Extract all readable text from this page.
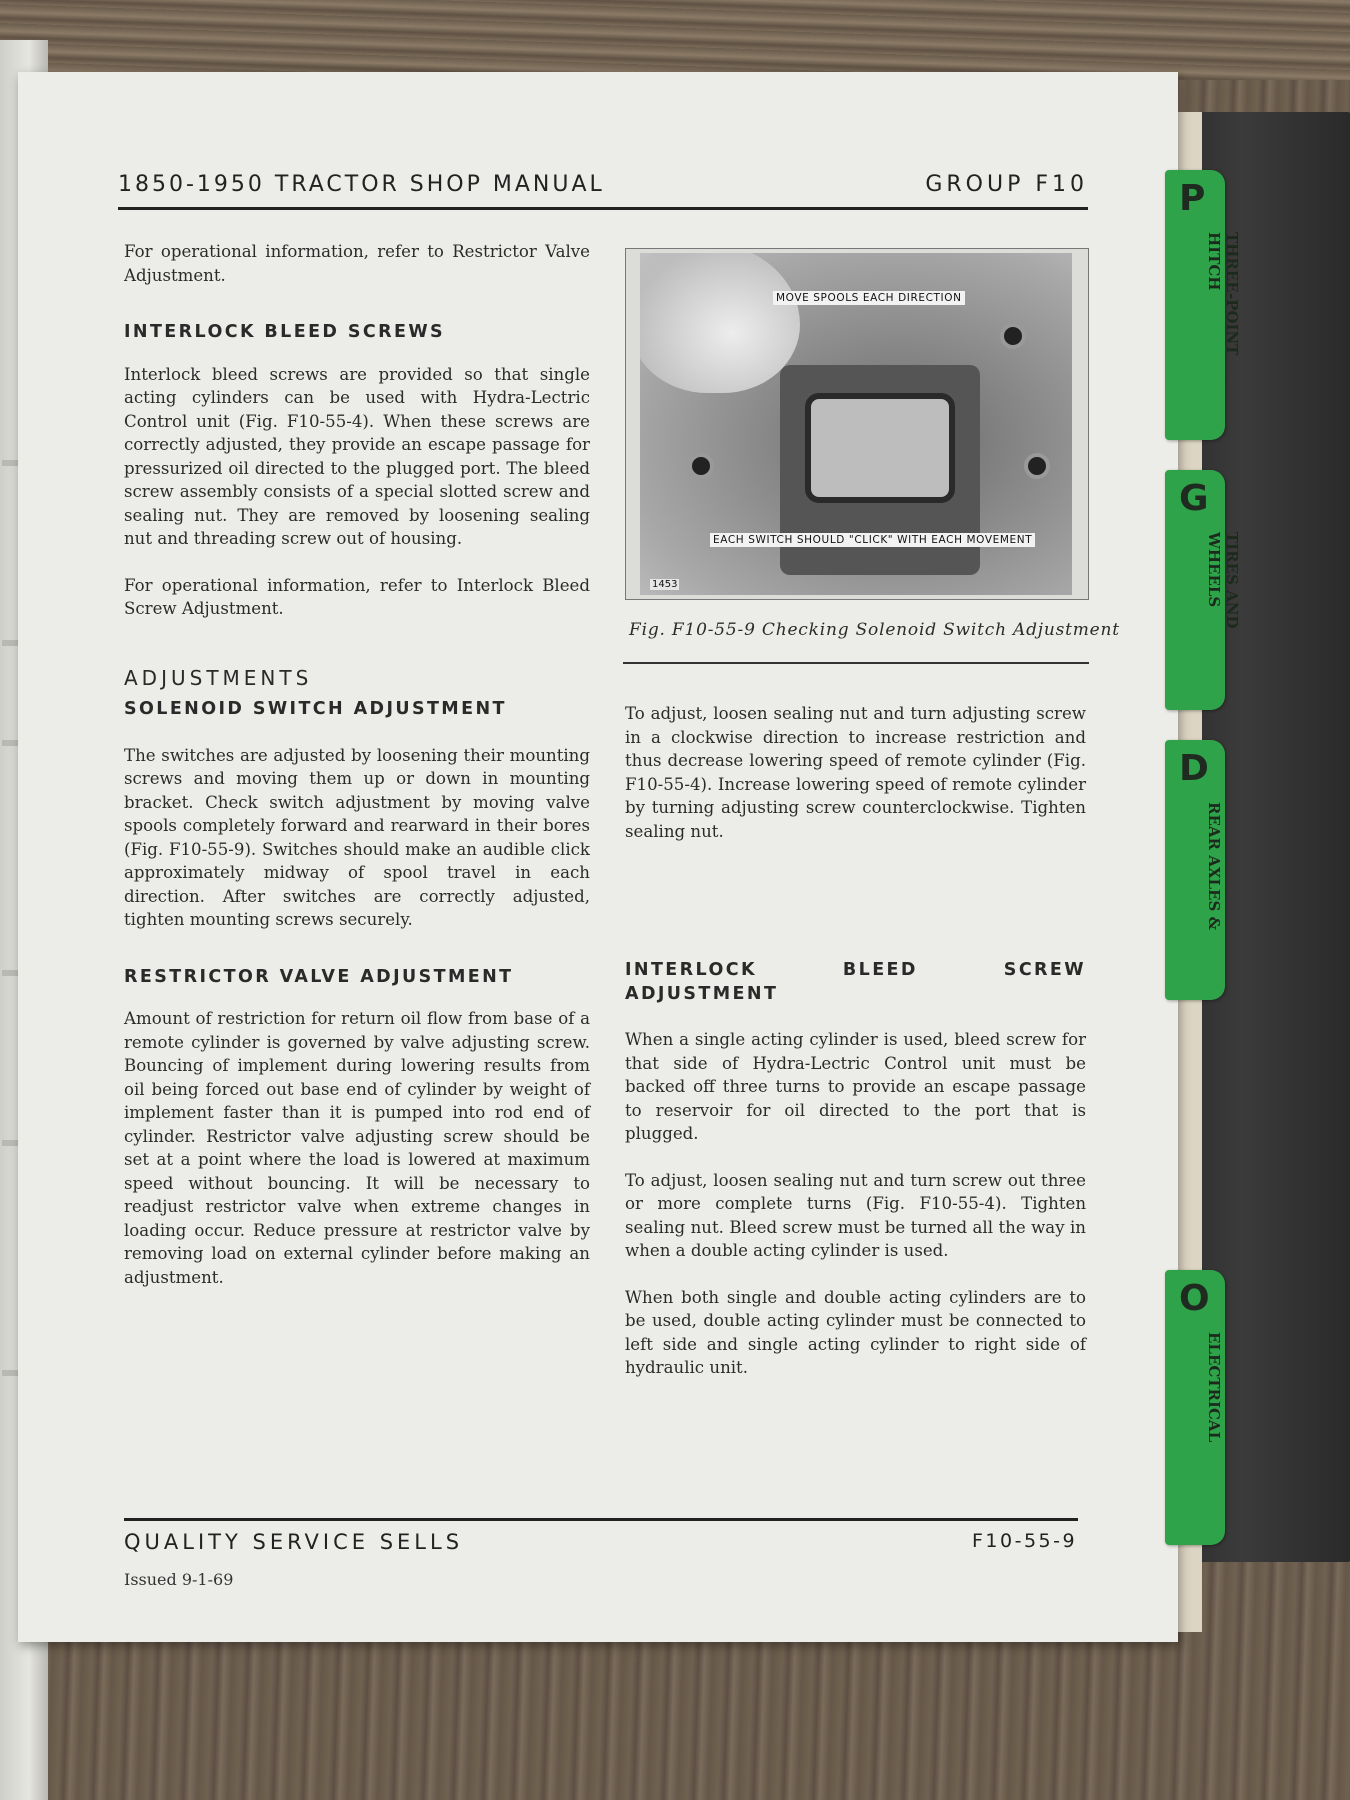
P
THREE-POINT
HITCH
G
TIRES AND
WHEELS
D
REAR AXLES &
O
ELECTRICAL
1850-1950 TRACTOR SHOP MANUAL	GROUP F10

For operational information, refer to Restrictor Valve Adjustment.

INTERLOCK BLEED SCREWS

Interlock bleed screws are provided so that single acting cylinders can be used with Hydra-Lectric Control unit (Fig. F10-55-4). When these screws are correctly adjusted, they provide an escape passage for pressurized oil directed to the plugged port. The bleed screw assembly consists of a special slotted screw and sealing nut. They are removed by loosening sealing nut and threading screw out of housing.

For operational information, refer to Interlock Bleed Screw Adjustment.

ADJUSTMENTS
SOLENOID SWITCH ADJUSTMENT

The switches are adjusted by loosening their mounting screws and moving them up or down in mounting bracket. Check switch adjustment by moving valve spools completely forward and rearward in their bores (Fig. F10-55-9). Switches should make an audible click approximately midway of spool travel in each direction. After switches are correctly adjusted, tighten mounting screws securely.

RESTRICTOR VALVE ADJUSTMENT

Amount of restriction for return oil flow from base of a remote cylinder is governed by valve adjusting screw. Bouncing of implement during lowering results from oil being forced out base end of cylinder by weight of implement faster than it is pumped into rod end of cylinder. Restrictor valve adjusting screw should be set at a point where the load is lowered at maximum speed without bouncing. It will be necessary to readjust restrictor valve when extreme changes in loading occur. Reduce pressure at restrictor valve by removing load on external cylinder before making an adjustment.

MOVE SPOOLS EACH DIRECTION
EACH SWITCH SHOULD "CLICK" WITH EACH MOVEMENT
1453
Fig. F10-55-9 Checking Solenoid Switch Adjustment

To adjust, loosen sealing nut and turn adjusting screw in a clockwise direction to increase restriction and thus decrease lowering speed of remote cylinder (Fig. F10-55-4). Increase lowering speed of remote cylinder by turning adjusting screw counterclockwise. Tighten sealing nut.

INTERLOCK BLEED SCREW ADJUSTMENT

When a single acting cylinder is used, bleed screw for that side of Hydra-Lectric Control unit must be backed off three turns to provide an escape passage to reservoir for oil directed to the port that is plugged.

To adjust, loosen sealing nut and turn screw out three or more complete turns (Fig. F10-55-4). Tighten sealing nut. Bleed screw must be turned all the way in when a double acting cylinder is used.

When both single and double acting cylinders are to be used, double acting cylinder must be connected to left side and single acting cylinder to right side of hydraulic unit.

QUALITY SERVICE SELLS	F10-55-9
Issued 9-1-69
